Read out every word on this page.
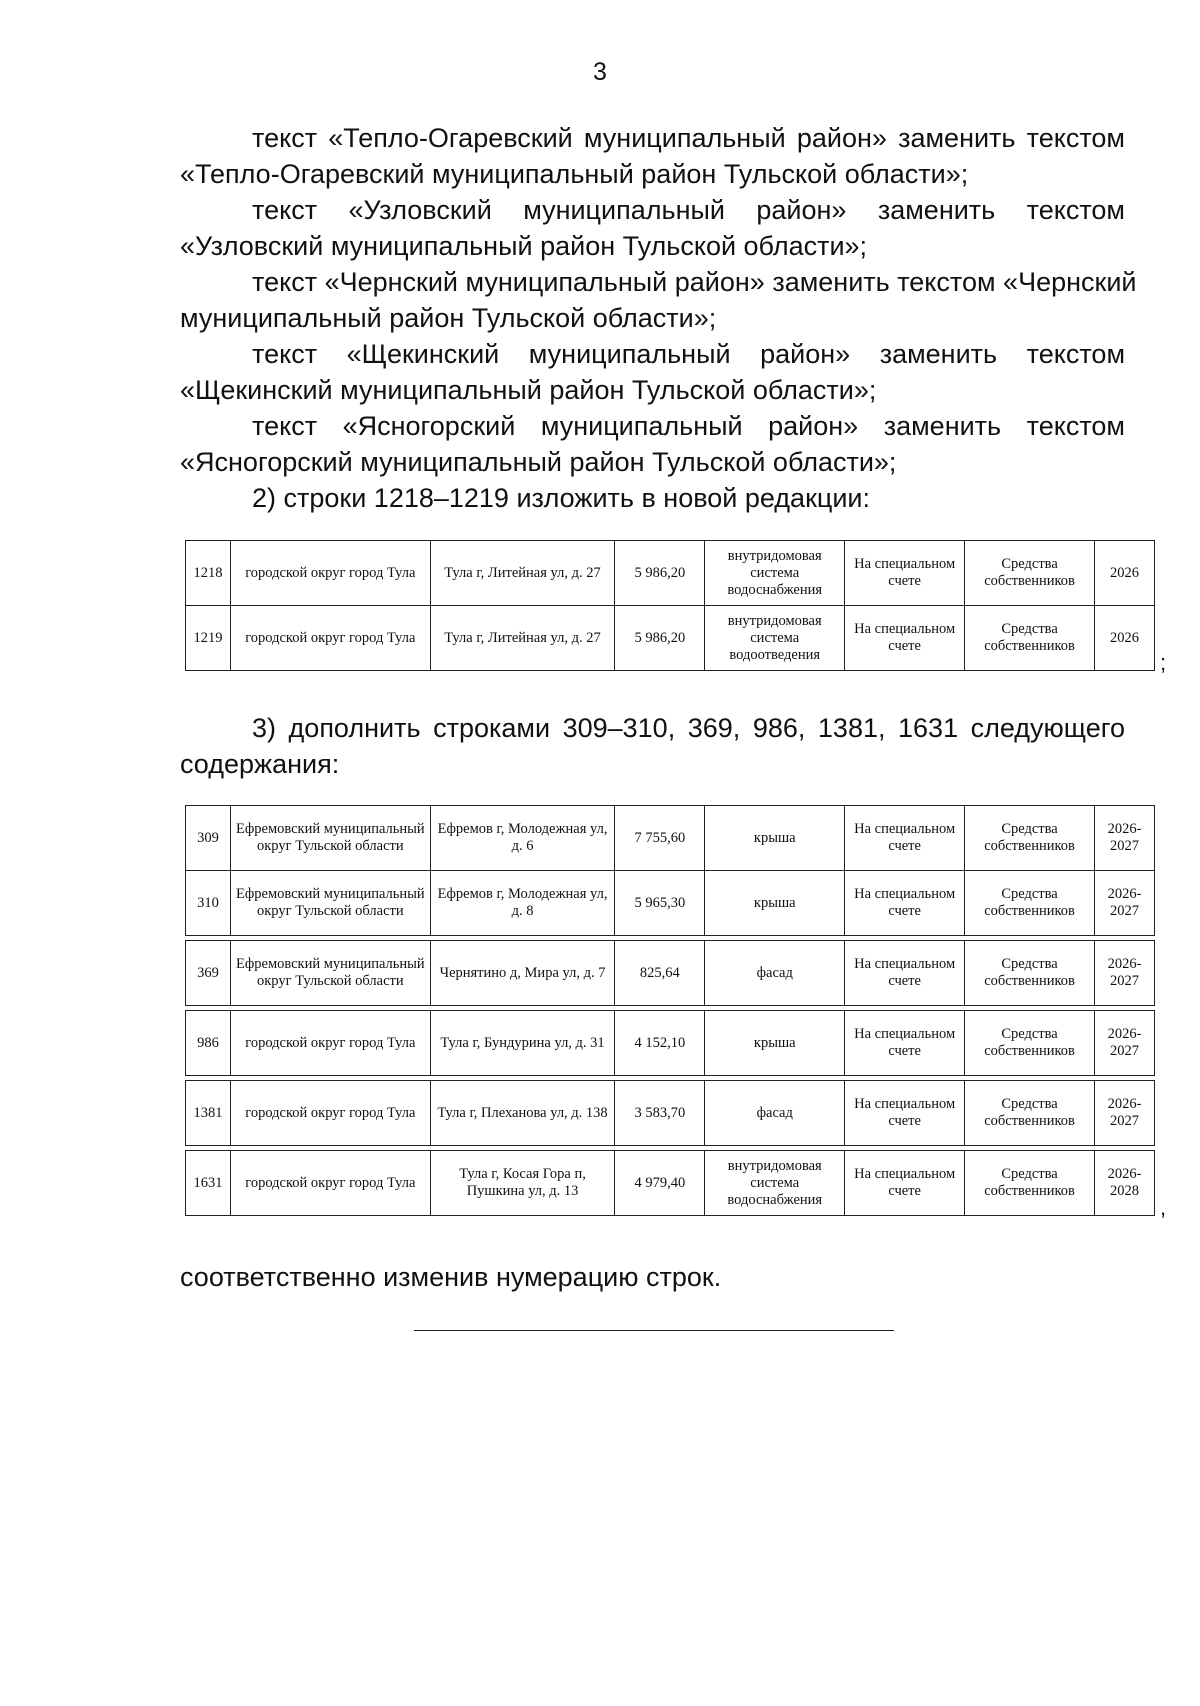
3
текст «Тепло-Огаревский муниципальный район» заменить текстом
«Тепло-Огаревский муниципальный район Тульской области»;
текст «Узловский муниципальный район» заменить текстом
«Узловский муниципальный район Тульской области»;
текст «Чернский муниципальный район» заменить текстом «Чернский
муниципальный район Тульской области»;
текст «Щекинский муниципальный район» заменить текстом
«Щекинский муниципальный район Тульской области»;
текст «Ясногорский муниципальный район» заменить текстом
«Ясногорский муниципальный район Тульской области»;
2) строки 1218–1219 изложить в новой редакции:
1218	городской округ город Тула	Тула г, Литейная ул, д. 27	5 986,20	внутридомовая система водоснабжения	На специальном счете	Средства собственников	2026
1219	городской округ город Тула	Тула г, Литейная ул, д. 27	5 986,20	внутридомовая система водоотведения	На специальном счете	Средства собственников	2026
;
3) дополнить строками 309–310, 369, 986, 1381, 1631 следующего
содержания:
309	Ефремовский муниципальный округ Тульской области	Ефремов г, Молодежная ул, д. 6	7 755,60	крыша	На специальном счете	Средства собственников	2026-2027
310	Ефремовский муниципальный округ Тульской области	Ефремов г, Молодежная ул, д. 8	5 965,30	крыша	На специальном счете	Средства собственников	2026-2027

369	Ефремовский муниципальный округ Тульской области	Чернятино д, Мира ул, д. 7	825,64	фасад	На специальном счете	Средства собственников	2026-2027

986	городской округ город Тула	Тула г, Бундурина ул, д. 31	4 152,10	крыша	На специальном счете	Средства собственников	2026-2027

1381	городской округ город Тула	Тула г, Плеханова ул, д. 138	3 583,70	фасад	На специальном счете	Средства собственников	2026-2027

1631	городской округ город Тула	Тула г, Косая Гора п, Пушкина ул, д. 13	4 979,40	внутридомовая система водоснабжения	На специальном счете	Средства собственников	2026-2028
,
соответственно изменив нумерацию строк.
